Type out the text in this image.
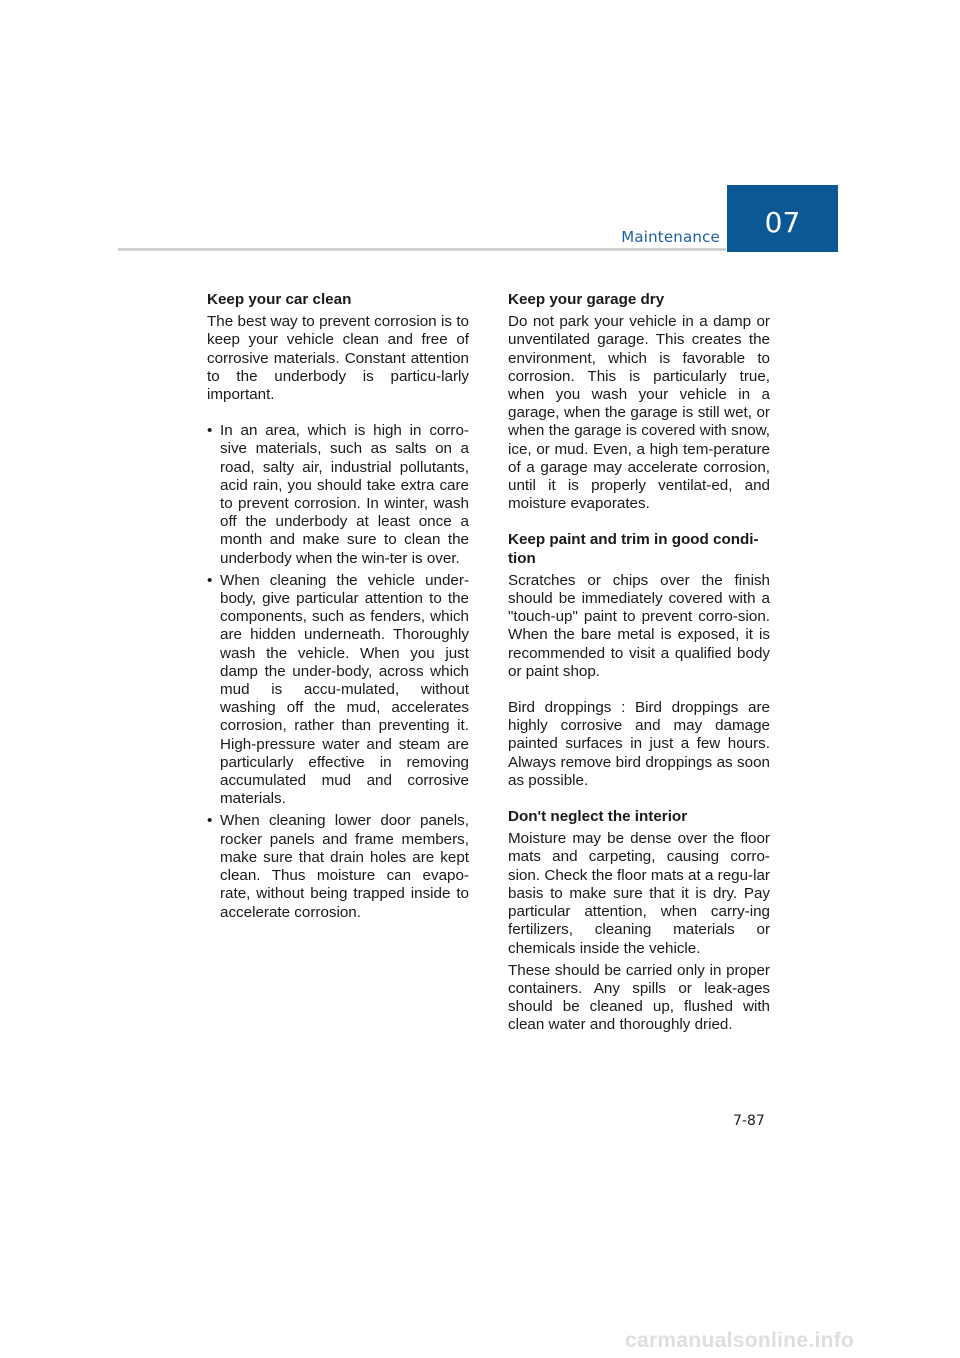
Maintenance 07
Keep your car clean

The best way to prevent corrosion is to keep your vehicle clean and free of corrosive materials. Constant attention to the underbody is particu-larly important.

• In an area, which is high in corro-sive materials, such as salts on a road, salty air, industrial pollutants, acid rain, you should take extra care to prevent corrosion. In winter, wash off the underbody at least once a month and make sure to clean the underbody when the win-ter is over.
• When cleaning the vehicle under-body, give particular attention to the components, such as fenders, which are hidden underneath. Thoroughly wash the vehicle. When you just damp the under-body, across which mud is accu-mulated, without washing off the mud, accelerates corrosion, rather than preventing it. High-pressure water and steam are particularly effective in removing accumulated mud and corrosive materials.
• When cleaning lower door panels, rocker panels and frame members, make sure that drain holes are kept clean. Thus moisture can evapo-rate, without being trapped inside to accelerate corrosion.
Keep your garage dry

Do not park your vehicle in a damp or unventilated garage. This creates the environment, which is favorable to corrosion. This is particularly true, when you wash your vehicle in a garage, when the garage is still wet, or when the garage is covered with snow, ice, or mud. Even, a high tem-perature of a garage may accelerate corrosion, until it is properly ventilat-ed, and moisture evaporates.

Keep paint and trim in good condi-tion

Scratches or chips over the finish should be immediately covered with a "touch-up" paint to prevent corro-sion. When the bare metal is exposed, it is recommended to visit a qualified body or paint shop.

Bird droppings : Bird droppings are highly corrosive and may damage painted surfaces in just a few hours. Always remove bird droppings as soon as possible.

Don't neglect the interior

Moisture may be dense over the floor mats and carpeting, causing corro-sion. Check the floor mats at a regu-lar basis to make sure that it is dry. Pay particular attention, when carry-ing fertilizers, cleaning materials or chemicals inside the vehicle.

These should be carried only in proper containers. Any spills or leak-ages should be cleaned up, flushed with clean water and thoroughly dried.

7-87
carmanualsonline.info
